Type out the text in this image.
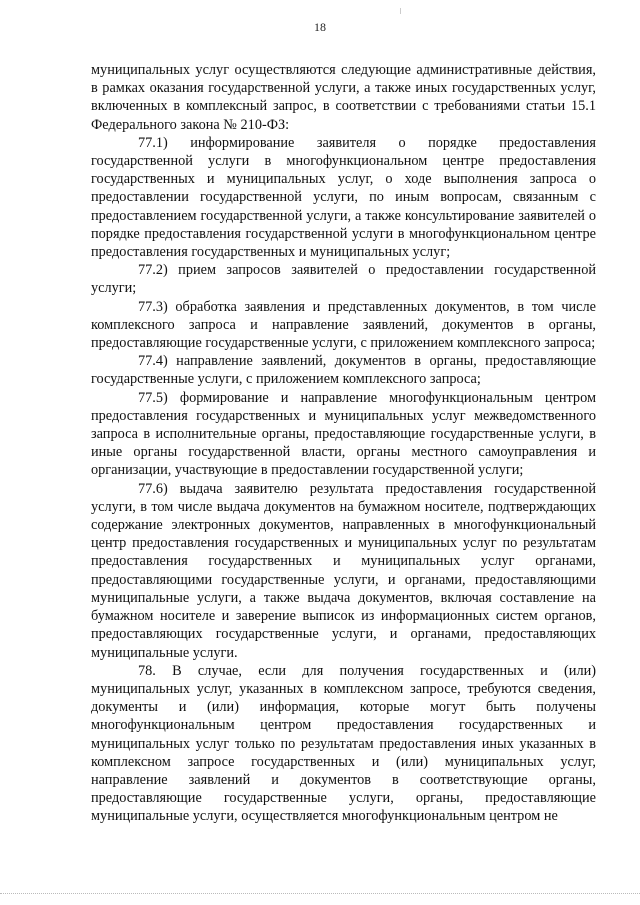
18

муниципальных услуг осуществляются следующие административные действия, в рамках оказания государственной услуги, а также иных государственных услуг, включенных в комплексный запрос, в соответствии с требованиями статьи 15.1 Федерального закона № 210-ФЗ:

77.1) информирование заявителя о порядке предоставления государственной услуги в многофункциональном центре предоставления государственных и муниципальных услуг, о ходе выполнения запроса о предоставлении государственной услуги, по иным вопросам, связанным с предоставлением государственной услуги, а также консультирование заявителей о порядке предоставления государственной услуги в многофункциональном центре предоставления государственных и муниципальных услуг;

77.2) прием запросов заявителей о предоставлении государственной услуги;

77.3) обработка заявления и представленных документов, в том числе комплексного запроса и направление заявлений, документов в органы, предоставляющие государственные услуги, с приложением комплексного запроса;

77.4) направление заявлений, документов в органы, предоставляющие государственные услуги, с приложением комплексного запроса;

77.5) формирование и направление многофункциональным центром предоставления государственных и муниципальных услуг межведомственного запроса в исполнительные органы, предоставляющие государственные услуги, в иные органы государственной власти, органы местного самоуправления и организации, участвующие в предоставлении государственной услуги;

77.6) выдача заявителю результата предоставления государственной услуги, в том числе выдача документов на бумажном носителе, подтверждающих содержание электронных документов, направленных в многофункциональный центр предоставления государственных и муниципальных услуг по результатам предоставления государственных и муниципальных услуг органами, предоставляющими государственные услуги, и органами, предоставляющими муниципальные услуги, а также выдача документов, включая составление на бумажном носителе и заверение выписок из информационных систем органов, предоставляющих государственные услуги, и органами, предоставляющих муниципальные услуги.

78. В случае, если для получения государственных и (или) муниципальных услуг, указанных в комплексном запросе, требуются сведения, документы и (или) информация, которые могут быть получены многофункциональным центром предоставления государственных и муниципальных услуг только по результатам предоставления иных указанных в комплексном запросе государственных и (или) муниципальных услуг, направление заявлений и документов в соответствующие органы, предоставляющие государственные услуги, органы, предоставляющие муниципальные услуги, осуществляется многофункциональным центром не
